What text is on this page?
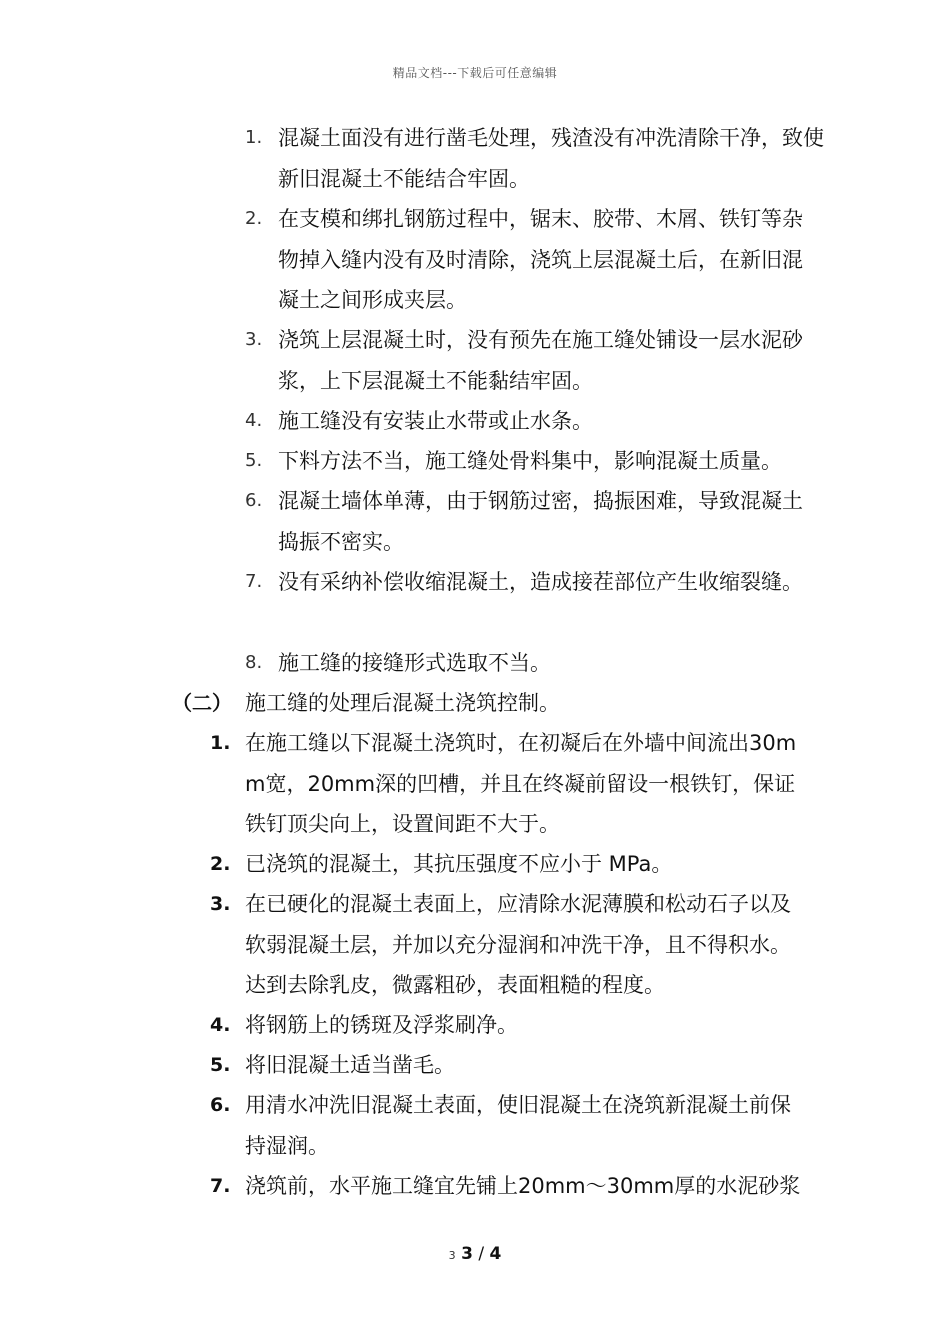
精品文档---下载后可任意编辑
1. 混凝土面没有进行凿毛处理，残渣没有冲洗清除干净，致使新旧混凝土不能结合牢固。
2. 在支模和绑扎钢筋过程中，锯末、胶带、木屑、铁钉等杂物掉入缝内没有及时清除，浇筑上层混凝土后，在新旧混凝土之间形成夹层。
3. 浇筑上层混凝土时，没有预先在施工缝处铺设一层水泥砂浆，上下层混凝土不能黏结牢固。
4. 施工缝没有安装止水带或止水条。
5. 下料方法不当，施工缝处骨料集中，影响混凝土质量。
6. 混凝土墙体单薄，由于钢筋过密，捣振困难，导致混凝土捣振不密实。
7. 没有采纳补偿收缩混凝土，造成接茬部位产生收缩裂缝。
8. 施工缝的接缝形式选取不当。
（二） 施工缝的处理后混凝土浇筑控制。
1. 在施工缝以下混凝土浇筑时，在初凝后在外墙中间流出30mm宽，20mm深的凹槽，并且在终凝前留设一根铁钉，保证铁钉顶尖向上，设置间距不大于。
2. 已浇筑的混凝土，其抗压强度不应小于 MPa。
3. 在已硬化的混凝土表面上，应清除水泥薄膜和松动石子以及软弱混凝土层，并加以充分湿润和冲洗干净，且不得积水。达到去除乳皮，微露粗砂，表面粗糙的程度。
4. 将钢筋上的锈斑及浮浆刷净。
5. 将旧混凝土适当凿毛。
6. 用清水冲洗旧混凝土表面，使旧混凝土在浇筑新混凝土前保持湿润。
7. 浇筑前，水平施工缝宜先铺上20mm～30mm厚的水泥砂浆
3 3 / 4
